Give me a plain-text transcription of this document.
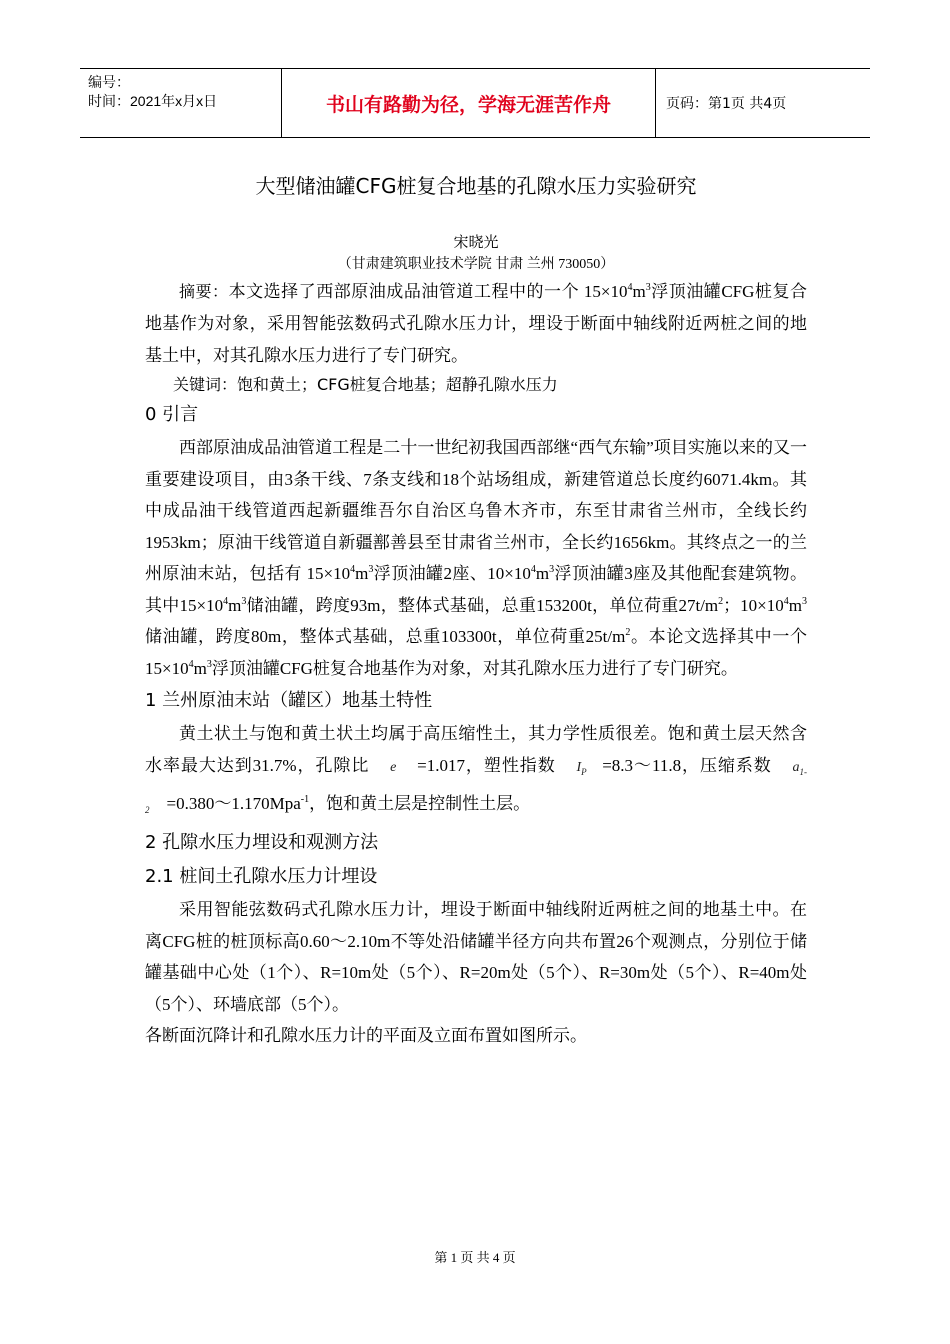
编号：
时间：2021年x月x日	书山有路勤为径，学海无涯苦作舟	页码：第1页 共4页
大型储油罐CFG桩复合地基的孔隙水压力实验研究
宋晓光
（甘肃建筑职业技术学院 甘肃 兰州 730050）

摘要：本文选择了西部原油成品油管道工程中的一个 $15\times 10^4m^3$浮顶油罐CFG桩复合地基作为对象，采用智能弦数码式孔隙水压力计，埋设于断面中轴线附近两桩之间的地基土中，对其孔隙水压力进行了专门研究。

关键词：饱和黄土；CFG桩复合地基；超静孔隙水压力
0 引言

西部原油成品油管道工程是二十一世纪初我国西部继“西气东输”项目实施以来的又一重要建设项目，由3条干线、7条支线和18个站场组成，新建管道总长度约6071.4km。其中成品油干线管道西起新疆维吾尔自治区乌鲁木齐市，东至甘肃省兰州市，全线长约1953km；原油干线管道自新疆鄯善县至甘肃省兰州市，全长约1656km。其终点之一的兰州原油末站，包括有 $15\times 10^4m^3$浮顶油罐2座、$10\times 10^4m^3$浮顶油罐3座及其他配套建筑物。其中$15\times 10^4m^3$储油罐，跨度93m，整体式基础，总重153200t，单位荷重$27t/m^2$；$10\times 10^4m^3$储油罐，跨度80m，整体式基础，总重103300t，单位荷重$25t/m^2$。本论文选择其中一个$15\times 10^4m^3$浮顶油罐CFG桩复合地基作为对象，对其孔隙水压力进行了专门研究。

1 兰州原油末站（罐区）地基土特性

黄土状土与饱和黄土状土均属于高压缩性土，其力学性质很差。饱和黄土层天然含水率最大达到31.7%，孔隙比 e =1.017，塑性指数 $I_P$ =8.3～11.8，压缩系数 $a_{1-2}$ =0.380～1.170Mpa$^{-1}$，饱和黄土层是控制性土层。

2 孔隙水压力埋设和观测方法
2.1 桩间土孔隙水压力计埋设

采用智能弦数码式孔隙水压力计，埋设于断面中轴线附近两桩之间的地基土中。在离CFG桩的桩顶标高0.60～2.10m不等处沿储罐半径方向共布置26个观测点，分别位于储罐基础中心处（1个）、R=10m处（5个）、R=20m处（5个）、R=30m处（5个）、R=40m处（5个）、环墙底部（5个）。

各断面沉降计和孔隙水压力计的平面及立面布置如图所示。

第 1 页 共 4 页
